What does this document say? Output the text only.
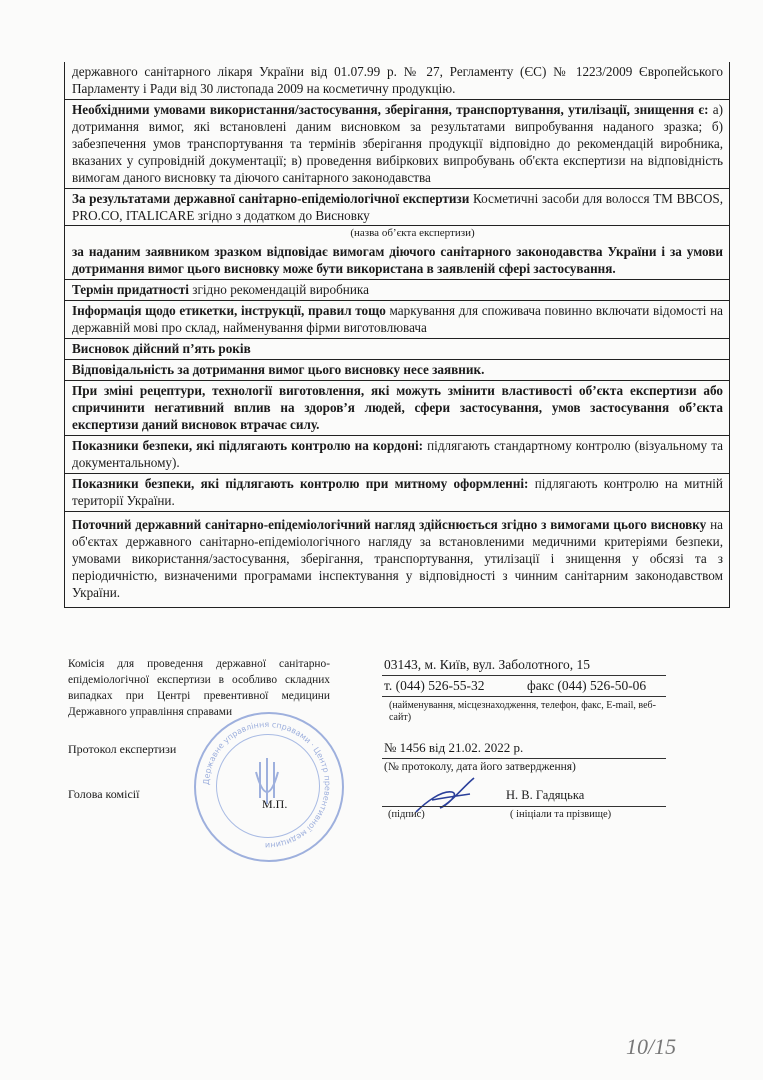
державного санітарного лікаря України від 01.07.99 р. № 27, Регламенту (ЄС) № 1223/2009 Європейського Парламенту і Ради від 30 листопада 2009 на косметичну продукцію.
Необхідними умовами використання/застосування, зберігання, транспортування, утилізації, знищення є: а) дотримання вимог, які встановлені даним висновком за результатами випробування наданого зразка; б) забезпечення умов транспортування та термінів зберігання продукції відповідно до рекомендацій виробника, вказаних у супровідній документації; в) проведення вибіркових випробувань об'єкта експертизи на відповідність вимогам даного висновку та діючого санітарного законодавства
За результатами державної санітарно-епідеміологічної експертизи Косметичні засоби для волосся ТМ BBCOS, PRO.CO, ITALICARE згідно з додатком до Висновку
(назва об’єкта експертизи)
за наданим заявником зразком відповідає вимогам діючого санітарного законодавства України і за умови дотримання вимог цього висновку може бути використана в заявленій сфері застосування.
Термін придатності згідно рекомендацій виробника
Інформація щодо етикетки, інструкції, правил тощо маркування для споживача повинно включати відомості на державній мові про склад, найменування фірми виготовлювача
Висновок дійсний п’ять років
Відповідальність за дотримання вимог цього висновку несе заявник.
При зміні рецептури, технології виготовлення, які можуть змінити властивості об’єкта експертизи або спричинити негативний вплив на здоров’я людей, сфери застосування, умов застосування об’єкта експертизи даний висновок втрачає силу.
Показники безпеки, які підлягають контролю на кордоні: підлягають стандартному контролю (візуальному та документальному).
Показники безпеки, які підлягають контролю при митному оформленні: підлягають контролю на митній території України.
Поточний державний санітарно-епідеміологічний нагляд здійснюється згідно з вимогами цього висновку на об'єктах державного санітарно-епідеміологічного нагляду за встановленими медичними критеріями безпеки, умовами використання/застосування, зберігання, транспортування, утилізації і знищення у обсязі та з періодичністю, визначеними програмами інспектування у відповідності з чинним санітарним законодавством України.
Комісія для проведення державної санітарно-епідеміологічної експертизи в особливо складних випадках при Центрі превентивної медицини Державного управління справами
03143, м. Київ, вул. Заболотного, 15
т. (044) 526-55-32	факс (044) 526-50-06
(найменування, місцезнаходження, телефон, факс, E-mail, веб-сайт)
Протокол експертизи	№ 1456 від 21.02. 2022 р.
(№ протоколу, дата його затвердження)
Голова комісії
Державне управління справами · Центр превентивної медицини
М.П.
Н. В. Гадяцька
(підпис)	( ініціали та прізвище)
10/15
